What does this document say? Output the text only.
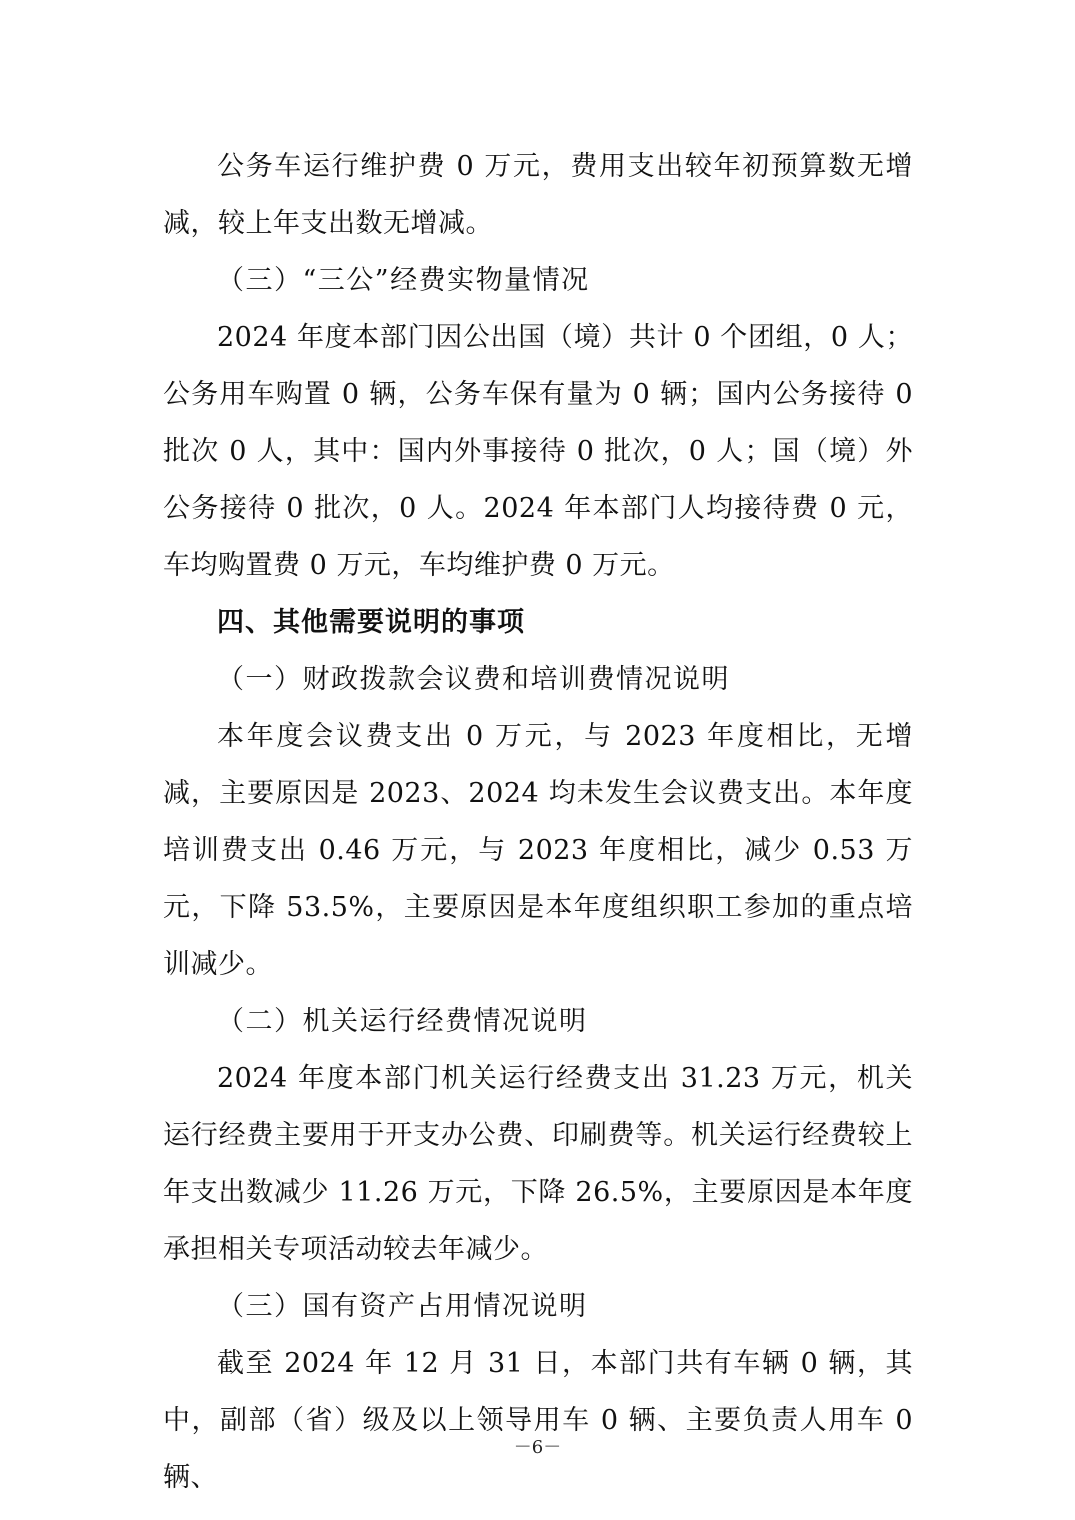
公务车运行维护费 0 万元，费用支出较年初预算数无增减，较上年支出数无增减。

（三）“三公”经费实物量情况

2024 年度本部门因公出国（境）共计 0 个团组，0 人；公务用车购置 0 辆，公务车保有量为 0 辆；国内公务接待 0 批次 0 人，其中：国内外事接待 0 批次，0 人；国（境）外公务接待 0 批次，0 人。2024 年本部门人均接待费 0 元，车均购置费 0 万元，车均维护费 0 万元。

四、其他需要说明的事项

（一）财政拨款会议费和培训费情况说明

本年度会议费支出 0 万元，与 2023 年度相比，无增减，主要原因是 2023、2024 均未发生会议费支出。本年度培训费支出 0.46 万元，与 2023 年度相比，减少 0.53 万元，下降 53.5%，主要原因是本年度组织职工参加的重点培训减少。

（二）机关运行经费情况说明

2024 年度本部门机关运行经费支出 31.23 万元，机关运行经费主要用于开支办公费、印刷费等。机关运行经费较上年支出数减少 11.26 万元，下降 26.5%，主要原因是本年度承担相关专项活动较去年减少。

（三）国有资产占用情况说明

截至 2024 年 12 月 31 日，本部门共有车辆 0 辆，其中，副部（省）级及以上领导用车 0 辆、主要负责人用车 0 辆、

－6－
